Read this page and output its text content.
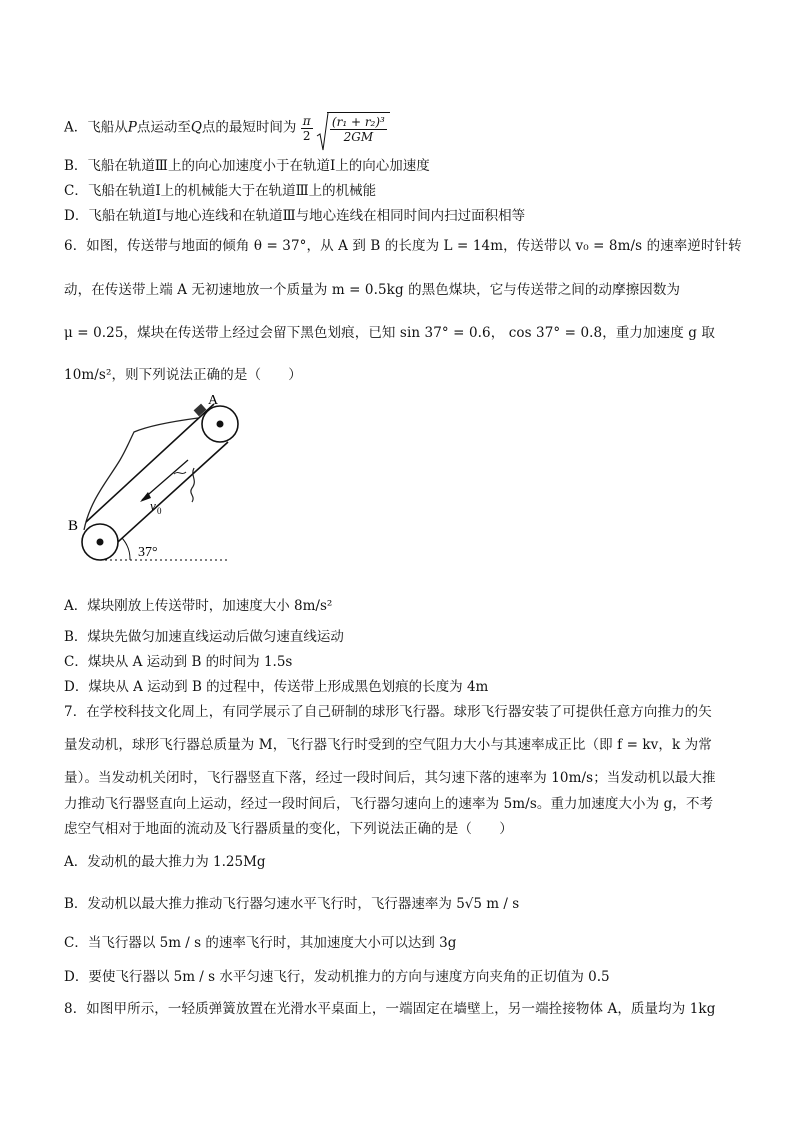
A．飞船从P点运动至Q点的最短时间为 $\frac{\pi}{2}$
$\frac{\text{(r₁ + r₂)³}}{2GM}$
B．飞船在轨道Ⅲ上的向心加速度小于在轨道Ⅰ上的向心加速度
C．飞船在轨道Ⅰ上的机械能大于在轨道Ⅲ上的机械能
D．飞船在轨道Ⅰ与地心连线和在轨道Ⅲ与地心连线在相同时间内扫过面积相等
6．如图，传送带与地面的倾角 θ = 37°，从 A 到 B 的长度为 L = 14m，传送带以 v₀ = 8m/s 的速率逆时针转
动，在传送带上端 A 无初速地放一个质量为 m = 0.5kg 的黑色煤块，它与传送带之间的动摩擦因数为
μ = 0.25，煤块在传送带上经过会留下黑色划痕，已知 sin 37° = 0.6， cos 37° = 0.8，重力加速度 g 取
10m/s²，则下列说法正确的是（　　）
A
B
v 0
37°
A．煤块刚放上传送带时，加速度大小 8m/s²
B．煤块先做匀加速直线运动后做匀速直线运动
C．煤块从 A 运动到 B 的时间为 1.5s
D．煤块从 A 运动到 B 的过程中，传送带上形成黑色划痕的长度为 4m
7．在学校科技文化周上，有同学展示了自己研制的球形飞行器。球形飞行器安装了可提供任意方向推力的矢
量发动机，球形飞行器总质量为 M，飞行器飞行时受到的空气阻力大小与其速率成正比（即 f = kv，k 为常
量）。当发动机关闭时，飞行器竖直下落，经过一段时间后，其匀速下落的速率为 10m/s；当发动机以最大推
力推动飞行器竖直向上运动，经过一段时间后，飞行器匀速向上的速率为 5m/s。重力加速度大小为 g，不考
虑空气相对于地面的流动及飞行器质量的变化，下列说法正确的是（　　）
A．发动机的最大推力为 1.25Mg
B．发动机以最大推力推动飞行器匀速水平飞行时，飞行器速率为 5√5 m / s
C．当飞行器以 5m / s 的速率飞行时，其加速度大小可以达到 3g
D．要使飞行器以 5m / s 水平匀速飞行，发动机推力的方向与速度方向夹角的正切值为 0.5
8．如图甲所示，一轻质弹簧放置在光滑水平桌面上，一端固定在墙壁上，另一端拴接物体 A，质量均为 1kg
